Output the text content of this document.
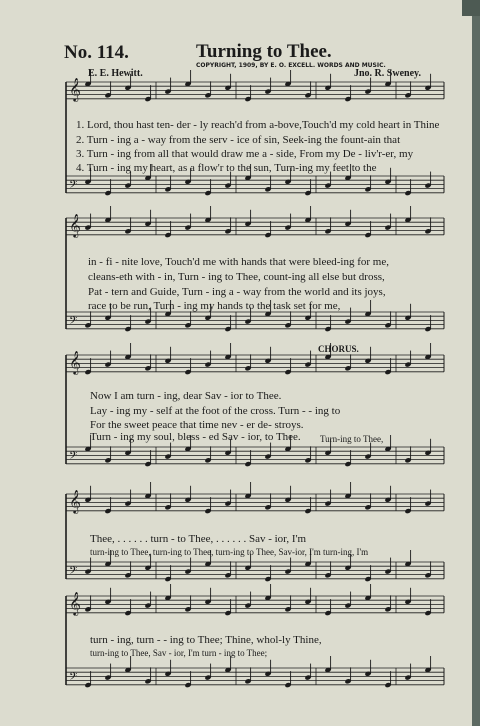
No. 114.	Turning to Thee.
COPYRIGHT, 1909, BY E. O. EXCELL. WORDS AND MUSIC.
E. E. Hewitt.	Jno. R. Sweney.
𝄞
𝄢
𝄞
𝄢
𝄞
𝄢
𝄞
𝄢
𝄞
𝄢
1. Lord, thou hast ten- der - ly reach'd from a-bove,Touch'd my cold heart in Thine
2. Turn - ing a - way from the serv - ice of sin, Seek-ing the fount-ain that
3. Turn - ing from all that would draw me a - side, From my De - liv'r-er, my
4. Turn - ing my heart, as a flow'r to the sun, Turn-ing my feet to the
in - fi - nite love, Touch'd me with hands that were bleed-ing for me,
cleans-eth with - in, Turn - ing to Thee, count-ing all else but dross,
Pat - tern and Guide, Turn - ing a - way from the world and its joys,
race to be run, Turn - ing my hands to the task set for me,
CHORUS.
Now I am turn - ing, dear Sav - ior to Thee.
Lay - ing my - self at the foot of the cross. Turn - - ing to
For the sweet peace that time nev - er de- stroys.
Turn - ing my soul, bless - ed Sav - ior, to Thee. Turn-ing to Thee,
Thee, . . . . . . turn - to Thee, . . . . . . Sav - ior, I'm
turn-ing to Thee, turn-ing to Thee, turn-ing to Thee, Sav-ior, I'm turn-ing, I'm
turn - ing, turn - - ing to Thee; Thine, whol-ly Thine,
turn-ing to Thee, Sav - ior, I'm turn - ing to Thee;
